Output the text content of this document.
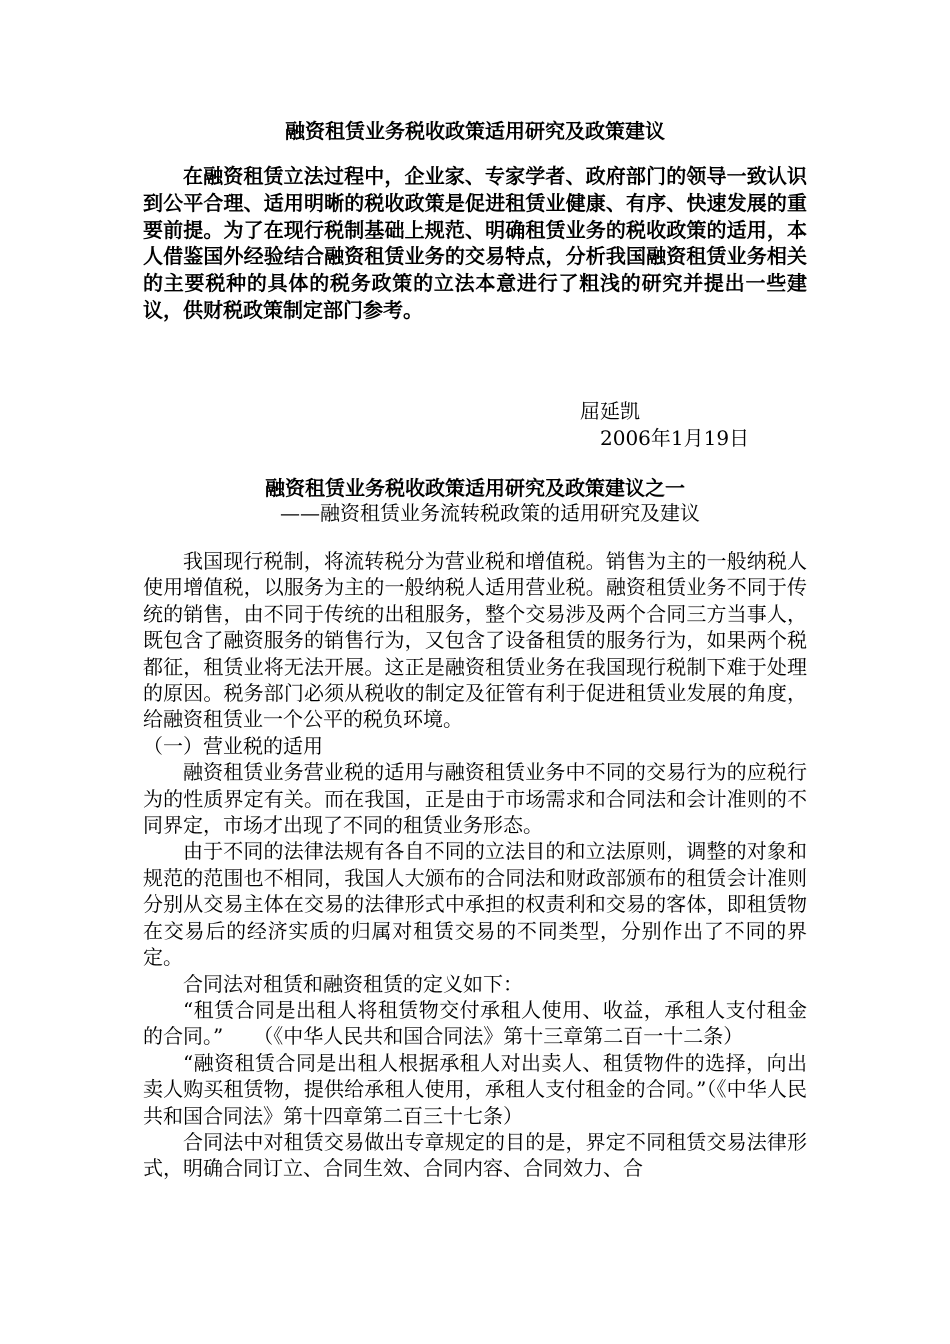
融资租赁业务税收政策适用研究及政策建议

在融资租赁立法过程中，企业家、专家学者、政府部门的领导一致认识到公平合理、适用明晰的税收政策是促进租赁业健康、有序、快速发展的重要前提。为了在现行税制基础上规范、明确租赁业务的税收政策的适用，本人借鉴国外经验结合融资租赁业务的交易特点，分析我国融资租赁业务相关的主要税种的具体的税务政策的立法本意进行了粗浅的研究并提出一些建议，供财税政策制定部门参考。

屈延凯
2006年1月19日
融资租赁业务税收政策适用研究及政策建议之一
——融资租赁业务流转税政策的适用研究及建议

我国现行税制，将流转税分为营业税和增值税。销售为主的一般纳税人使用增值税，以服务为主的一般纳税人适用营业税。融资租赁业务不同于传统的销售，由不同于传统的出租服务，整个交易涉及两个合同三方当事人，既包含了融资服务的销售行为，又包含了设备租赁的服务行为，如果两个税都征，租赁业将无法开展。这正是融资租赁业务在我国现行税制下难于处理的原因。税务部门必须从税收的制定及征管有利于促进租赁业发展的角度，给融资租赁业一个公平的税负环境。

（一）营业税的适用

融资租赁业务营业税的适用与融资租赁业务中不同的交易行为的应税行为的性质界定有关。而在我国，正是由于市场需求和合同法和会计准则的不同界定，市场才出现了不同的租赁业务形态。

由于不同的法律法规有各自不同的立法目的和立法原则，调整的对象和规范的范围也不相同，我国人大颁布的合同法和财政部颁布的租赁会计准则分别从交易主体在交易的法律形式中承担的权责利和交易的客体，即租赁物在交易后的经济实质的归属对租赁交易的不同类型，分别作出了不同的界定。

合同法对租赁和融资租赁的定义如下：

“租赁合同是出租人将租赁物交付承租人使用、收益，承租人支付租金的合同。”　　（《中华人民共和国合同法》第十三章第二百一十二条）

“融资租赁合同是出租人根据承租人对出卖人、租赁物件的选择，向出卖人购买租赁物，提供给承租人使用，承租人支付租金的合同。”（《中华人民共和国合同法》第十四章第二百三十七条）

合同法中对租赁交易做出专章规定的目的是，界定不同租赁交易法律形式，明确合同订立、合同生效、合同内容、合同效力、合
